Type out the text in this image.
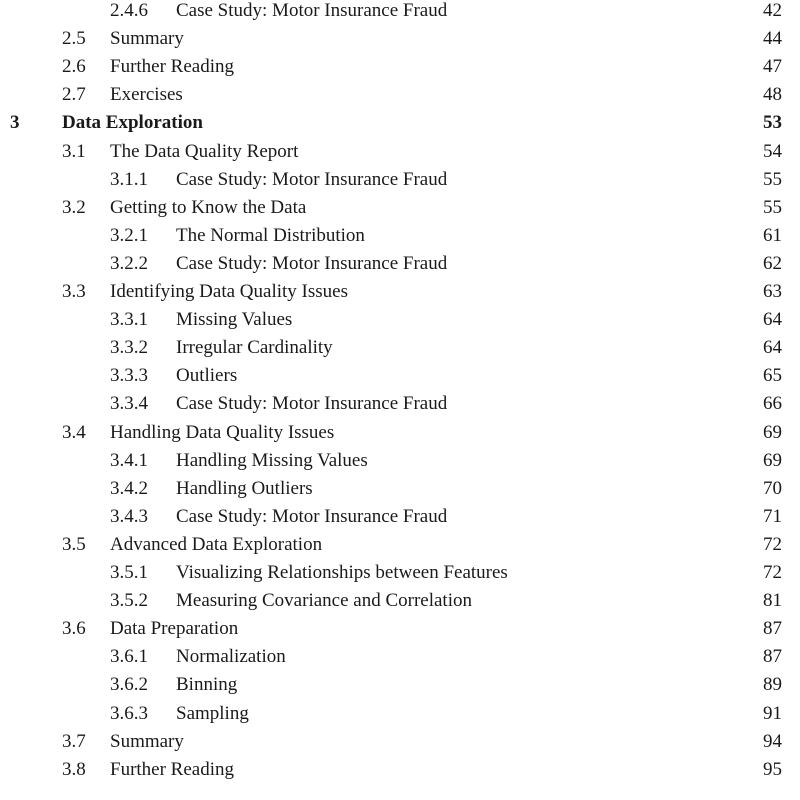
2.4.6 Case Study: Motor Insurance Fraud	42
2.5 Summary	44
2.6 Further Reading	47
2.7 Exercises	48
3 Data Exploration	53
3.1 The Data Quality Report	54
3.1.1 Case Study: Motor Insurance Fraud	55
3.2 Getting to Know the Data	55
3.2.1 The Normal Distribution	61
3.2.2 Case Study: Motor Insurance Fraud	62
3.3 Identifying Data Quality Issues	63
3.3.1 Missing Values	64
3.3.2 Irregular Cardinality	64
3.3.3 Outliers	65
3.3.4 Case Study: Motor Insurance Fraud	66
3.4 Handling Data Quality Issues	69
3.4.1 Handling Missing Values	69
3.4.2 Handling Outliers	70
3.4.3 Case Study: Motor Insurance Fraud	71
3.5 Advanced Data Exploration	72
3.5.1 Visualizing Relationships between Features	72
3.5.2 Measuring Covariance and Correlation	81
3.6 Data Preparation	87
3.6.1 Normalization	87
3.6.2 Binning	89
3.6.3 Sampling	91
3.7 Summary	94
3.8 Further Reading	95
